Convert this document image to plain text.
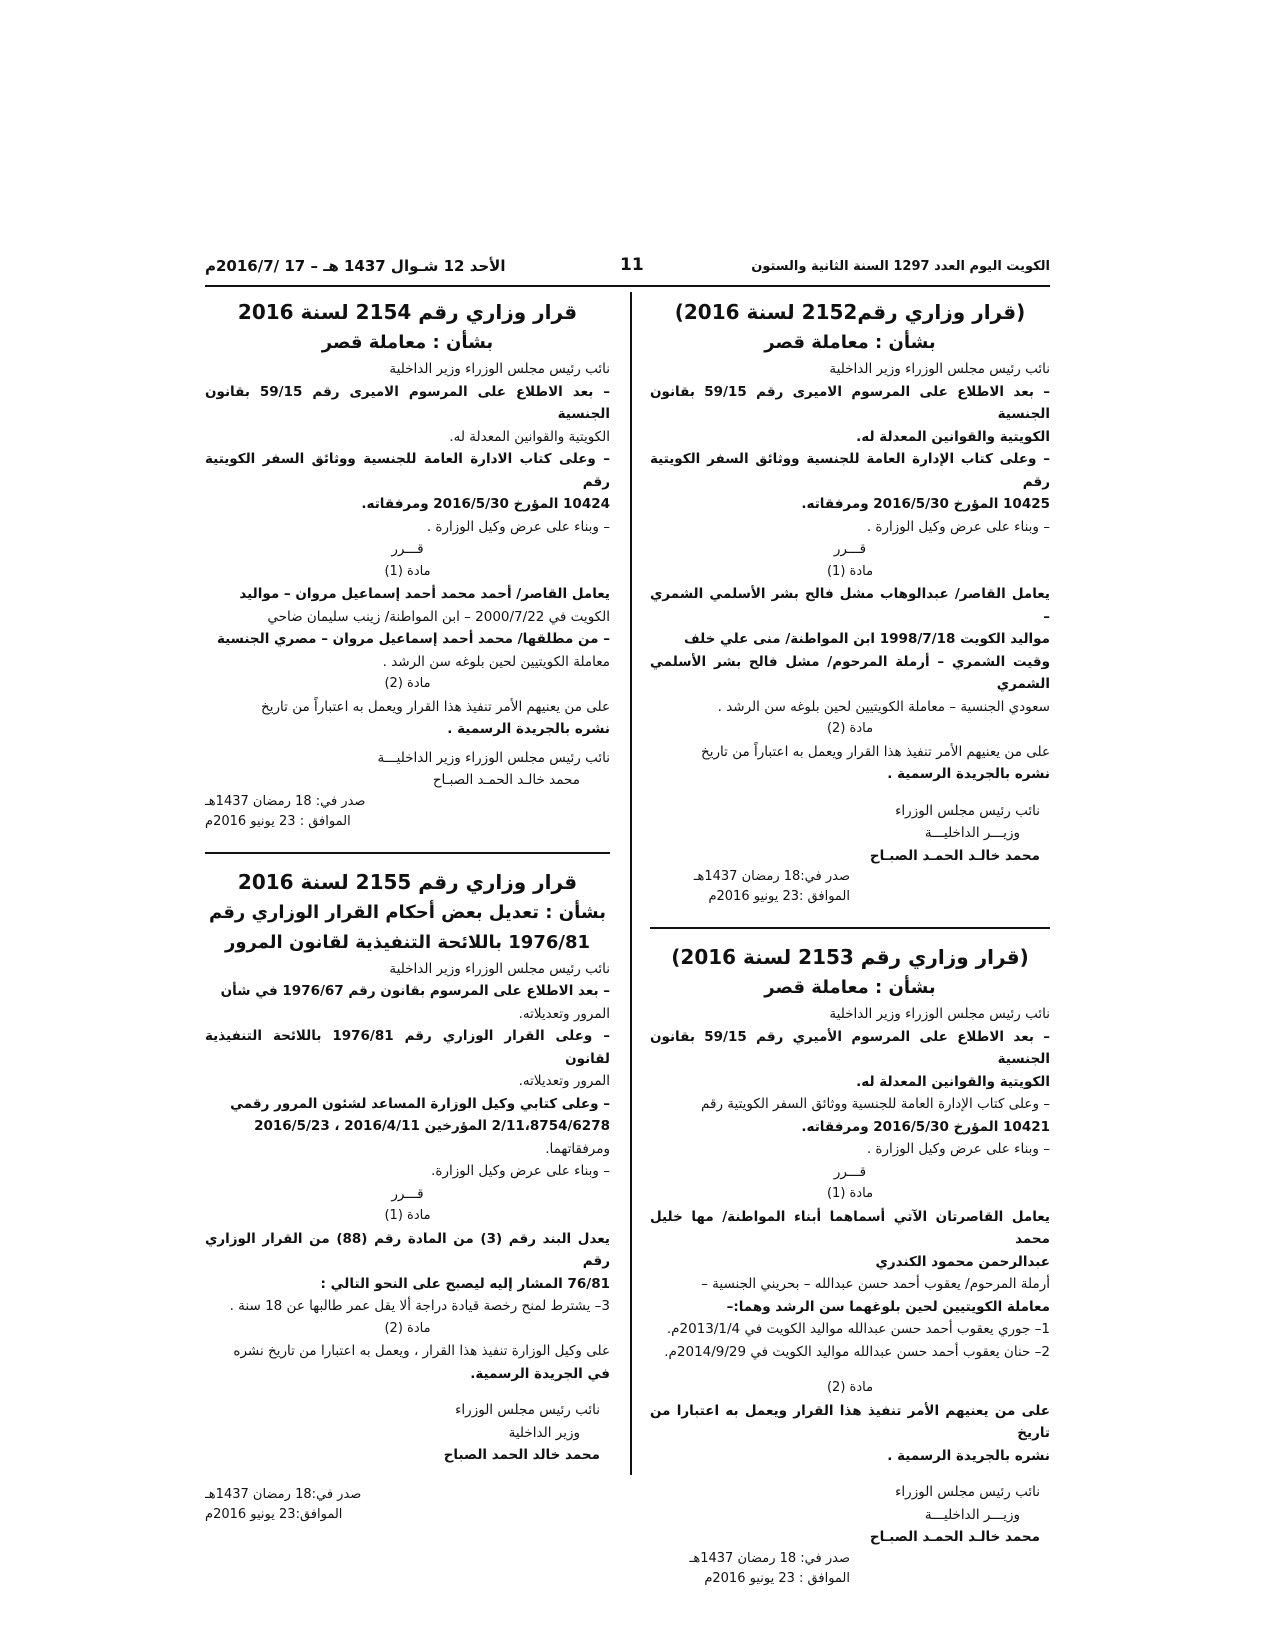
الكويت اليوم العدد 1297 السنة الثانية والستون
11
الأحد 12 شـوال 1437 هـ – 17 /2016/7م
(قرار وزاري رقم2152 لسنة 2016)
بشأن : معاملة قصر
نائب رئيس مجلس الوزراء وزير الداخلية
– بعد الاطلاع على المرسوم الاميرى رقم 59/15 بقانون الجنسية
الكويتية والقوانين المعدلة له.
– وعلى كتاب الإدارة العامة للجنسية ووثائق السفر الكويتية رقم
10425 المؤرخ 2016/5/30 ومرفقاته.
– وبناء على عرض وكيل الوزارة .
قـــرر
مادة (1)
يعامل القاصر/ عبدالوهاب مشل فالح بشر الأسلمي الشمري –
مواليد الكويت 1998/7/18 ابن المواطنة/ منى علي خلف
وقيت الشمري – أرملة المرحوم/ مشل فالح بشر الأسلمي الشمري
سعودي الجنسية – معاملة الكويتيين لحين بلوغه سن الرشد .
مادة (2)
على من يعنيهم الأمر تنفيذ هذا القرار ويعمل به اعتباراً من تاريخ
نشره بالجريدة الرسمية .
نائب رئيس مجلس الوزراء
وزيـــر الداخليـــة
محمد خالـد الحمـد الصبـاح
صدر في:18 رمضان 1437هـ
الموافق :23 يونيو 2016م
(قرار وزاري رقم 2153 لسنة 2016)
بشأن : معاملة قصر
نائب رئيس مجلس الوزراء وزير الداخلية
– بعد الاطلاع على المرسوم الأميري رقم 59/15 بقانون الجنسية
الكويتية والقوانين المعدلة له.
– وعلى كتاب الإدارة العامة للجنسية ووثائق السفر الكويتية رقم
10421 المؤرخ 2016/5/30 ومرفقاته.
– وبناء على عرض وكيل الوزارة .
قـــرر
مادة (1)
يعامل القاصرتان الآتي أسماهما أبناء المواطنة/ مها خليل محمد
عبدالرحمن محمود الكندري
أرملة المرحوم/ يعقوب أحمد حسن عبدالله – بحريني الجنسية –
معاملة الكويتيين لحين بلوغهما سن الرشد وهما:–
1– جوري يعقوب أحمد حسن عبدالله مواليد الكويت في 2013/1/4م.
2– حنان يعقوب أحمد حسن عبدالله مواليد الكويت في 2014/9/29م.
مادة (2)
على من يعنيهم الأمر تنفيذ هذا القرار ويعمل به اعتبارا من تاريخ
نشره بالجريدة الرسمية .
نائب رئيس مجلس الوزراء
وزيـــر الداخليـــة
محمد خالـد الحمـد الصبـاح
صدر في: 18 رمضان 1437هـ
الموافق : 23 يونيو 2016م
قرار وزاري رقم 2154 لسنة 2016
بشأن : معاملة قصر
نائب رئيس مجلس الوزراء وزير الداخلية
– بعد الاطلاع على المرسوم الاميرى رقم 59/15 بقانون الجنسية
الكويتية والقوانين المعدلة له.
– وعلى كتاب الادارة العامة للجنسية ووثائق السفر الكويتية رقم
10424 المؤرخ 2016/5/30 ومرفقاته.
– وبناء على عرض وكيل الوزارة .
قـــرر
مادة (1)
يعامل القاصر/ أحمد محمد أحمد إسماعيل مروان – مواليد
الكويت في 2000/7/22 – ابن المواطنة/ زينب سليمان ضاحي
– من مطلقها/ محمد أحمد إسماعيل مروان – مصري الجنسية
معاملة الكويتيين لحين بلوغه سن الرشد .
مادة (2)
على من يعنيهم الأمر تنفيذ هذا القرار ويعمل به اعتباراً من تاريخ
نشره بالجريدة الرسمية .
نائب رئيس مجلس الوزراء وزير الداخليـــة
محمد خالـد الحمـد الصبـاح
صدر في: 18 رمضان 1437هـ
الموافق : 23 يونيو 2016م
قرار وزاري رقم 2155 لسنة 2016
بشأن : تعديل بعض أحكام القرار الوزاري رقم
1976/81 باللائحة التنفيذية لقانون المرور
نائب رئيس مجلس الوزراء وزير الداخلية
– بعد الاطلاع على المرسوم بقانون رقم 1976/67 في شأن
المرور وتعديلاته.
– وعلى القرار الوزاري رقم 1976/81 باللائحة التنفيذية لقانون
المرور وتعديلاته.
– وعلى كتابي وكيل الوزارة المساعد لشئون المرور رقمي
2/11،8754/6278 المؤرخين 2016/4/11 ، 2016/5/23
ومرفقاتهما.
– وبناء على عرض وكيل الوزارة.
قـــرر
مادة (1)
يعدل البند رقم (3) من المادة رقم (88) من القرار الوزاري رقم
76/81 المشار إليه ليصبح على النحو التالي :
3– يشترط لمنح رخصة قيادة دراجة ألا يقل عمر طالبها عن 18 سنة .
مادة (2)
على وكيل الوزارة تنفيذ هذا القرار ، ويعمل به اعتبارا من تاريخ نشره
في الجريدة الرسمية.
نائب رئيس مجلس الوزراء
وزير الداخلية
محمد خالد الحمد الصباح
صدر في:18 رمضان 1437هـ
الموافق:23 يونيو 2016م
